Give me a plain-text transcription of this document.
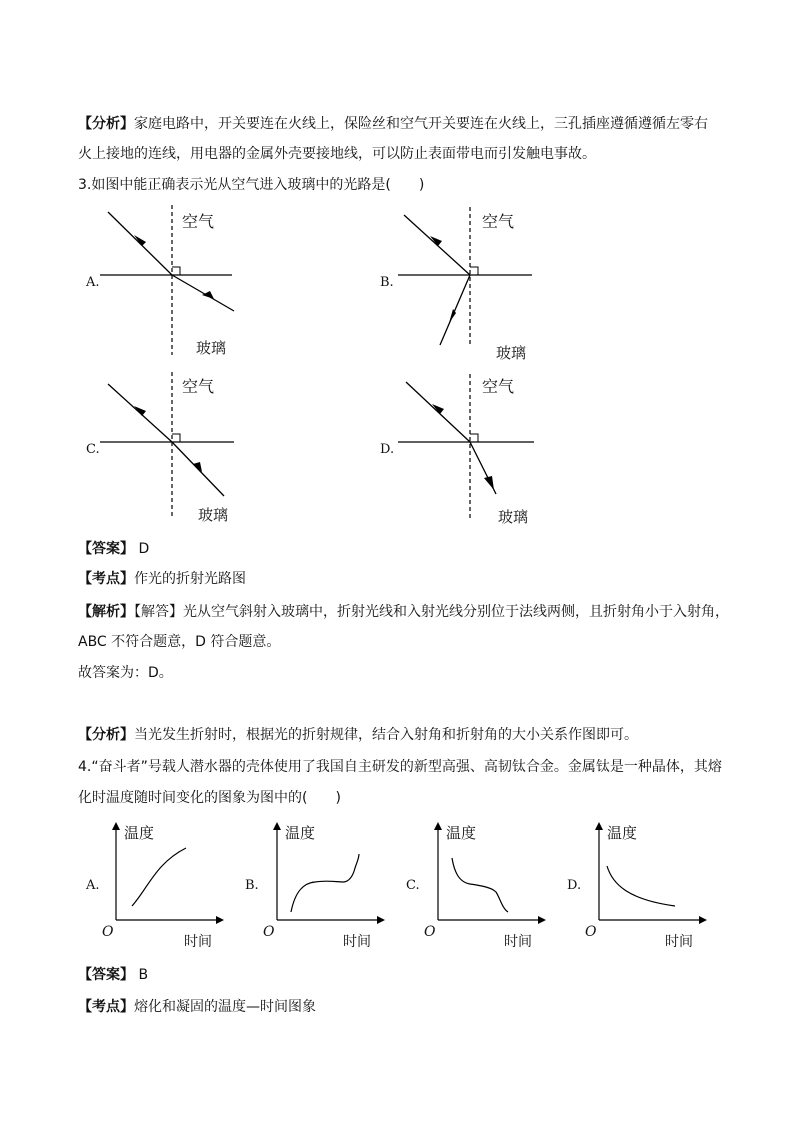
【分析】家庭电路中，开关要连在火线上，保险丝和空气开关要连在火线上，三孔插座遵循遵循左零右
火上接地的连线，用电器的金属外壳要接地线，可以防止表面带电而引发触电事故。
3.如图中能正确表示光从空气进入玻璃中的光路是(　　)
空气
玻璃
A.
空气
玻璃
B.
空气
玻璃
C.
空气
玻璃
D.
【答案】 D
【考点】作光的折射光路图
【解析】【解答】光从空气斜射入玻璃中，折射光线和入射光线分别位于法线两侧，且折射角小于入射角，
ABC 不符合题意，D 符合题意。
故答案为：D。
【分析】当光发生折射时，根据光的折射规律，结合入射角和折射角的大小关系作图即可。
4.“奋斗者”号载人潜水器的壳体使用了我国自主研发的新型高强、高韧钛合金。金属钛是一种晶体，其熔
化时温度随时间变化的图象为图中的(　　)
温度
时间
O
A.
温度
时间
O
B.
温度
时间
O
C.
温度
时间
O
D.
【答案】 B
【考点】熔化和凝固的温度—时间图象
